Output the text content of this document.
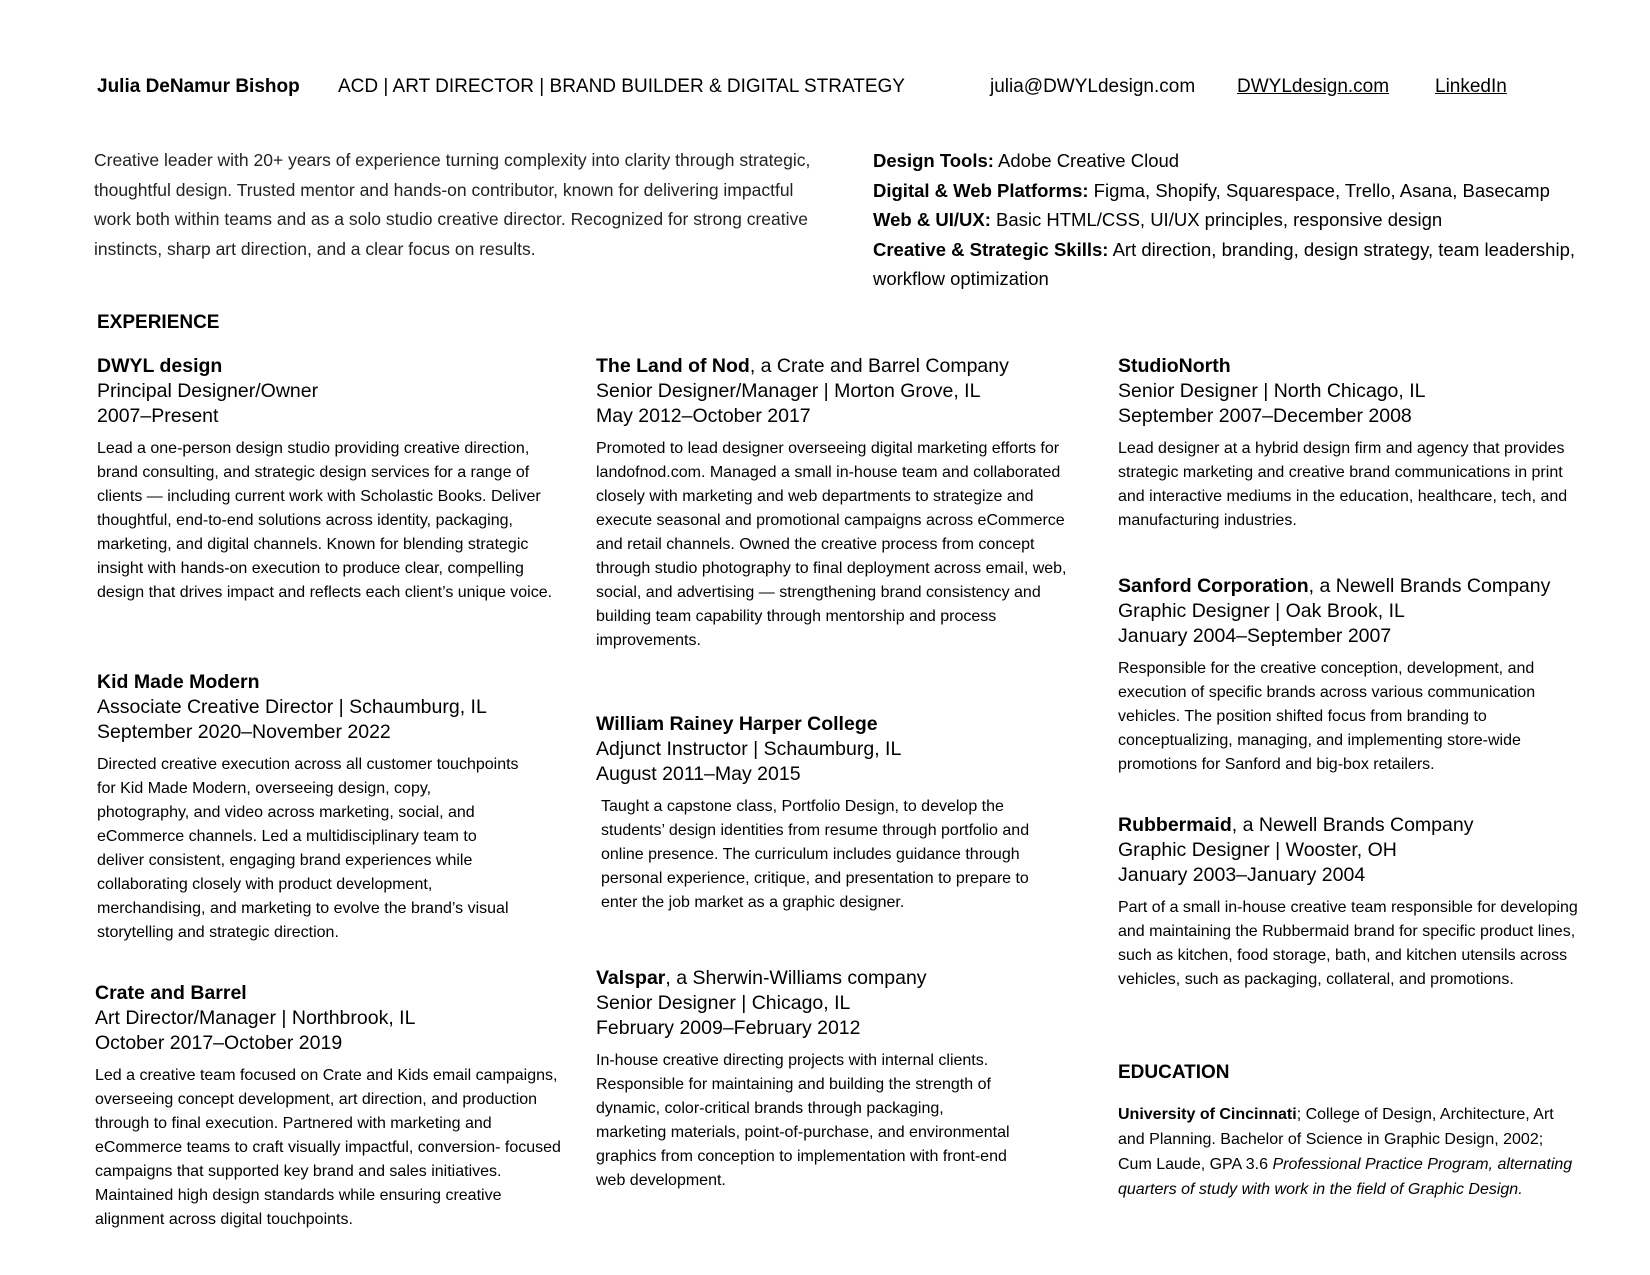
Julia DeNamur Bishop ACD | ART DIRECTOR | BRAND BUILDER & DIGITAL STRATEGY	julia@DWYLdesign.com DWYLdesign.com LinkedIn
Creative leader with 20+ years of experience turning complexity into clarity through strategic, thoughtful design. Trusted mentor and hands-on contributor, known for delivering impactful work both within teams and as a solo studio creative director. Recognized for strong creative instincts, sharp art direction, and a clear focus on results.
Design Tools: Adobe Creative Cloud
Digital & Web Platforms: Figma, Shopify, Squarespace, Trello, Asana, Basecamp
Web & UI/UX: Basic HTML/CSS, UI/UX principles, responsive design
Creative & Strategic Skills: Art direction, branding, design strategy, team leadership, workflow optimization
EXPERIENCE
DWYL design
Principal Designer/Owner
2007–Present
Lead a one-person design studio providing creative direction, brand consulting, and strategic design services for a range of clients — including current work with Scholastic Books. Deliver thoughtful, end-to-end solutions across identity, packaging, marketing, and digital channels. Known for blending strategic insight with hands-on execution to produce clear, compelling design that drives impact and reflects each client’s unique voice.
Kid Made Modern
Associate Creative Director | Schaumburg, IL
September 2020–November 2022
Directed creative execution across all customer touchpoints for Kid Made Modern, overseeing design, copy, photography, and video across marketing, social, and eCommerce channels. Led a multidisciplinary team to deliver consistent, engaging brand experiences while collaborating closely with product development, merchandising, and marketing to evolve the brand’s visual storytelling and strategic direction.
Crate and Barrel
Art Director/Manager | Northbrook, IL
October 2017–October 2019
Led a creative team focused on Crate and Kids email campaigns, overseeing concept development, art direction, and production through to final execution. Partnered with marketing and eCommerce teams to craft visually impactful, conversion- focused campaigns that supported key brand and sales initiatives. Maintained high design standards while ensuring creative alignment across digital touchpoints.
The Land of Nod, a Crate and Barrel Company
Senior Designer/Manager | Morton Grove, IL
May 2012–October 2017
Promoted to lead designer overseeing digital marketing efforts for landofnod.com. Managed a small in-house team and collaborated closely with marketing and web departments to strategize and execute seasonal and promotional campaigns across eCommerce and retail channels. Owned the creative process from concept through studio photography to final deployment across email, web, social, and advertising — strengthening brand consistency and building team capability through mentorship and process improvements.
William Rainey Harper College
Adjunct Instructor | Schaumburg, IL
August 2011–May 2015
Taught a capstone class, Portfolio Design, to develop the students’ design identities from resume through portfolio and online presence. The curriculum includes guidance through personal experience, critique, and presentation to prepare to enter the job market as a graphic designer.
Valspar, a Sherwin-Williams company
Senior Designer | Chicago, IL
February 2009–February 2012
In-house creative directing projects with internal clients. Responsible for maintaining and building the strength of dynamic, color-critical brands through packaging, marketing materials, point-of-purchase, and environmental graphics from conception to implementation with front-end web development.
StudioNorth
Senior Designer | North Chicago, IL
September 2007–December 2008
Lead designer at a hybrid design firm and agency that provides strategic marketing and creative brand communications in print and interactive mediums in the education, healthcare, tech, and manufacturing industries.
Sanford Corporation, a Newell Brands Company
Graphic Designer | Oak Brook, IL
January 2004–September 2007
Responsible for the creative conception, development, and execution of specific brands across various communication vehicles. The position shifted focus from branding to conceptualizing, managing, and implementing store-wide promotions for Sanford and big-box retailers.
Rubbermaid, a Newell Brands Company
Graphic Designer | Wooster, OH
January 2003–January 2004
Part of a small in-house creative team responsible for developing and maintaining the Rubbermaid brand for specific product lines, such as kitchen, food storage, bath, and kitchen utensils across vehicles, such as packaging, collateral, and promotions.
EDUCATION
University of Cincinnati; College of Design, Architecture, Art and Planning. Bachelor of Science in Graphic Design, 2002; Cum Laude, GPA 3.6 Professional Practice Program, alternating quarters of study with work in the field of Graphic Design.
